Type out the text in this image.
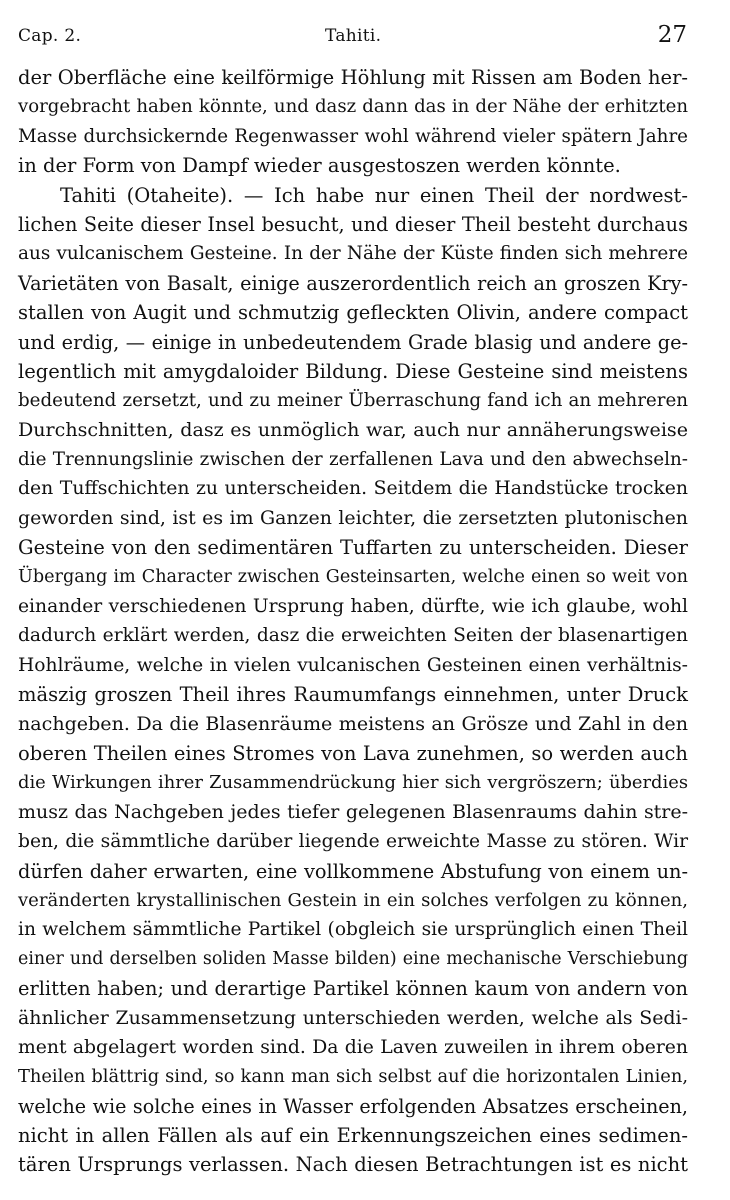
Cap. 2.	Tahiti.	27
der Oberfläche eine keilförmige Höhlung mit Rissen am Boden her-
vorgebracht haben könnte, und dasz dann das in der Nähe der erhitzten
Masse durchsickernde Regenwasser wohl während vieler spätern Jahre
in der Form von Dampf wieder ausgestoszen werden könnte.
Tahiti (Otaheite). — Ich habe nur einen Theil der nordwest-
lichen Seite dieser Insel besucht, und dieser Theil besteht durchaus
aus vulcanischem Gesteine. In der Nähe der Küste finden sich mehrere
Varietäten von Basalt, einige auszerordentlich reich an groszen Kry-
stallen von Augit und schmutzig gefleckten Olivin, andere compact
und erdig, — einige in unbedeutendem Grade blasig und andere ge-
legentlich mit amygdaloider Bildung. Diese Gesteine sind meistens
bedeutend zersetzt, und zu meiner Überraschung fand ich an mehreren
Durchschnitten, dasz es unmöglich war, auch nur annäherungsweise
die Trennungslinie zwischen der zerfallenen Lava und den abwechseln-
den Tuffschichten zu unterscheiden. Seitdem die Handstücke trocken
geworden sind, ist es im Ganzen leichter, die zersetzten plutonischen
Gesteine von den sedimentären Tuffarten zu unterscheiden. Dieser
Übergang im Character zwischen Gesteinsarten, welche einen so weit von
einander verschiedenen Ursprung haben, dürfte, wie ich glaube, wohl
dadurch erklärt werden, dasz die erweichten Seiten der blasenartigen
Hohlräume, welche in vielen vulcanischen Gesteinen einen verhältnis-
mäszig groszen Theil ihres Raumumfangs einnehmen, unter Druck
nachgeben. Da die Blasenräume meistens an Grösze und Zahl in den
oberen Theilen eines Stromes von Lava zunehmen, so werden auch
die Wirkungen ihrer Zusammendrückung hier sich vergröszern; überdies
musz das Nachgeben jedes tiefer gelegenen Blasenraums dahin stre-
ben, die sämmtliche darüber liegende erweichte Masse zu stören. Wir
dürfen daher erwarten, eine vollkommene Abstufung von einem un-
veränderten krystallinischen Gestein in ein solches verfolgen zu können,
in welchem sämmtliche Partikel (obgleich sie ursprünglich einen Theil
einer und derselben soliden Masse bilden) eine mechanische Verschiebung
erlitten haben; und derartige Partikel können kaum von andern von
ähnlicher Zusammensetzung unterschieden werden, welche als Sedi-
ment abgelagert worden sind. Da die Laven zuweilen in ihrem oberen
Theilen blättrig sind, so kann man sich selbst auf die horizontalen Linien,
welche wie solche eines in Wasser erfolgenden Absatzes erscheinen,
nicht in allen Fällen als auf ein Erkennungszeichen eines sedimen-
tären Ursprungs verlassen. Nach diesen Betrachtungen ist es nicht
